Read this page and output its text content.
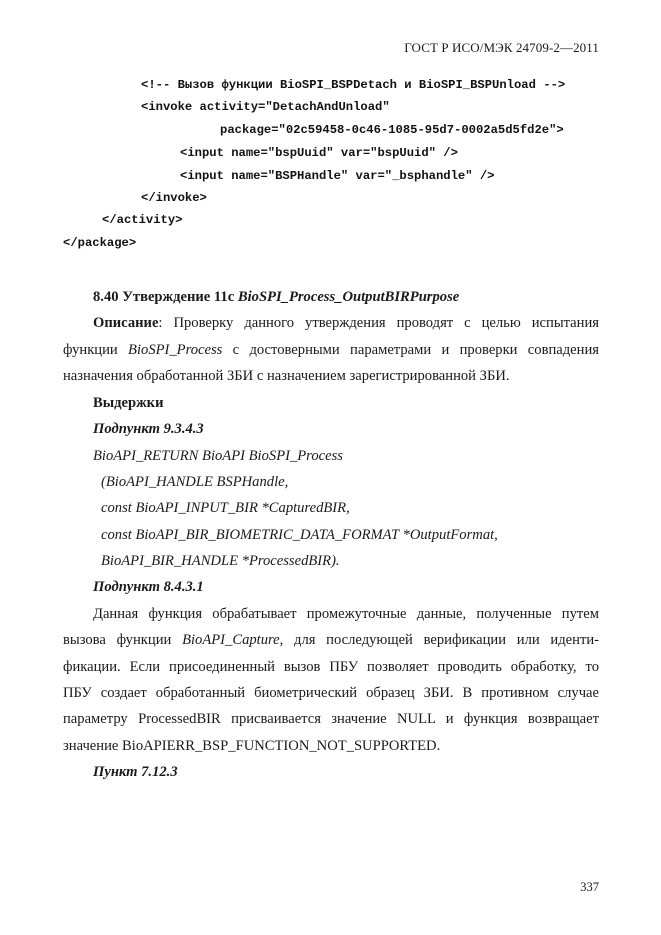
ГОСТ Р ИСО/МЭК 24709-2—2011
<!-- Вызов функции BioSPI_BSPDetach и BioSPI_BSPUnload -->
<invoke activity="DetachAndUnload"
package="02c59458-0c46-1085-95d7-0002a5d5fd2e">
<input name="bspUuid" var="bspUuid" />
<input name="BSPHandle" var="_bsphandle" />
</invoke>
</activity>
</package>
8.40 Утверждение 11с BioSPI_Process_OutputBIRPurpose
Описание: Проверку данного утверждения проводят с целью испытания
функции BioSPI_Process с достоверными параметрами и проверки совпадения
назначения обработанной ЗБИ с назначением зарегистрированной ЗБИ.
Выдержки
Подпункт 9.3.4.3
BioAPI_RETURN BioAPI BioSPI_Process
(BioAPI_HANDLE BSPHandle,
const BioAPI_INPUT_BIR *CapturedBIR,
const BioAPI_BIR_BIOMETRIC_DATA_FORMAT *OutputFormat,
BioAPI_BIR_HANDLE *ProcessedBIR).
Подпункт 8.4.3.1
Данная функция обрабатывает промежуточные данные, полученные путем
вызова функции BioAPI_Capture, для последующей верификации или иденти-
фикации. Если присоединенный вызов ПБУ позволяет проводить обработку, то
ПБУ создает обработанный биометрический образец ЗБИ. В противном случае
параметру ProcessedBIR присваивается значение NULL и функция возвращает
значение BioAPIERR_BSP_FUNCTION_NOT_SUPPORTED.
Пункт 7.12.3
337
